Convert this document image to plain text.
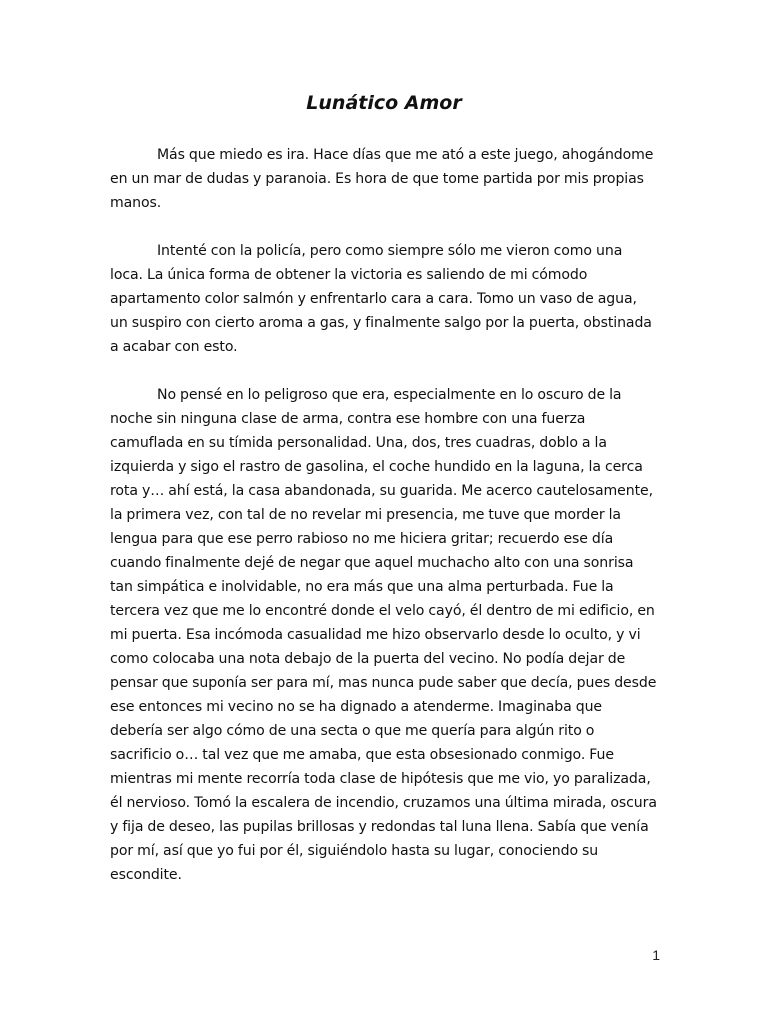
Lunático Amor

Más que miedo es ira. Hace días que me ató a este juego, ahogándome en un mar de dudas y paranoia. Es hora de que tome partida por mis propias manos.

Intenté con la policía, pero como siempre sólo me vieron como una loca. La única forma de obtener la victoria es saliendo de mi cómodo apartamento color salmón y enfrentarlo cara a cara. Tomo un vaso de agua, un suspiro con cierto aroma a gas, y finalmente salgo por la puerta, obstinada a acabar con esto.

No pensé en lo peligroso que era, especialmente en lo oscuro de la noche sin ninguna clase de arma, contra ese hombre con una fuerza camuflada en su tímida personalidad. Una, dos, tres cuadras, doblo a la izquierda y sigo el rastro de gasolina, el coche hundido en la laguna, la cerca rota y… ahí está, la casa abandonada, su guarida. Me acerco cautelosamente, la primera vez, con tal de no revelar mi presencia, me tuve que morder la lengua para que ese perro rabioso no me hiciera gritar; recuerdo ese día cuando finalmente dejé de negar que aquel muchacho alto con una sonrisa tan simpática e inolvidable, no era más que una alma perturbada. Fue la tercera vez que me lo encontré donde el velo cayó, él dentro de mi edificio, en mi puerta. Esa incómoda casualidad me hizo observarlo desde lo oculto, y vi como colocaba una nota debajo de la puerta del vecino. No podía dejar de pensar que suponía ser para mí, mas nunca pude saber que decía, pues desde ese entonces mi vecino no se ha dignado a atenderme. Imaginaba que debería ser algo cómo de una secta o que me quería para algún rito o sacrificio o… tal vez que me amaba, que esta obsesionado conmigo. Fue mientras mi mente recorría toda clase de hipótesis que me vio, yo paralizada, él nervioso. Tomó la escalera de incendio, cruzamos una última mirada, oscura y fija de deseo, las pupilas brillosas y redondas tal luna llena. Sabía que venía por mí, así que yo fui por él, siguiéndolo hasta su lugar, conociendo su escondite.

1
